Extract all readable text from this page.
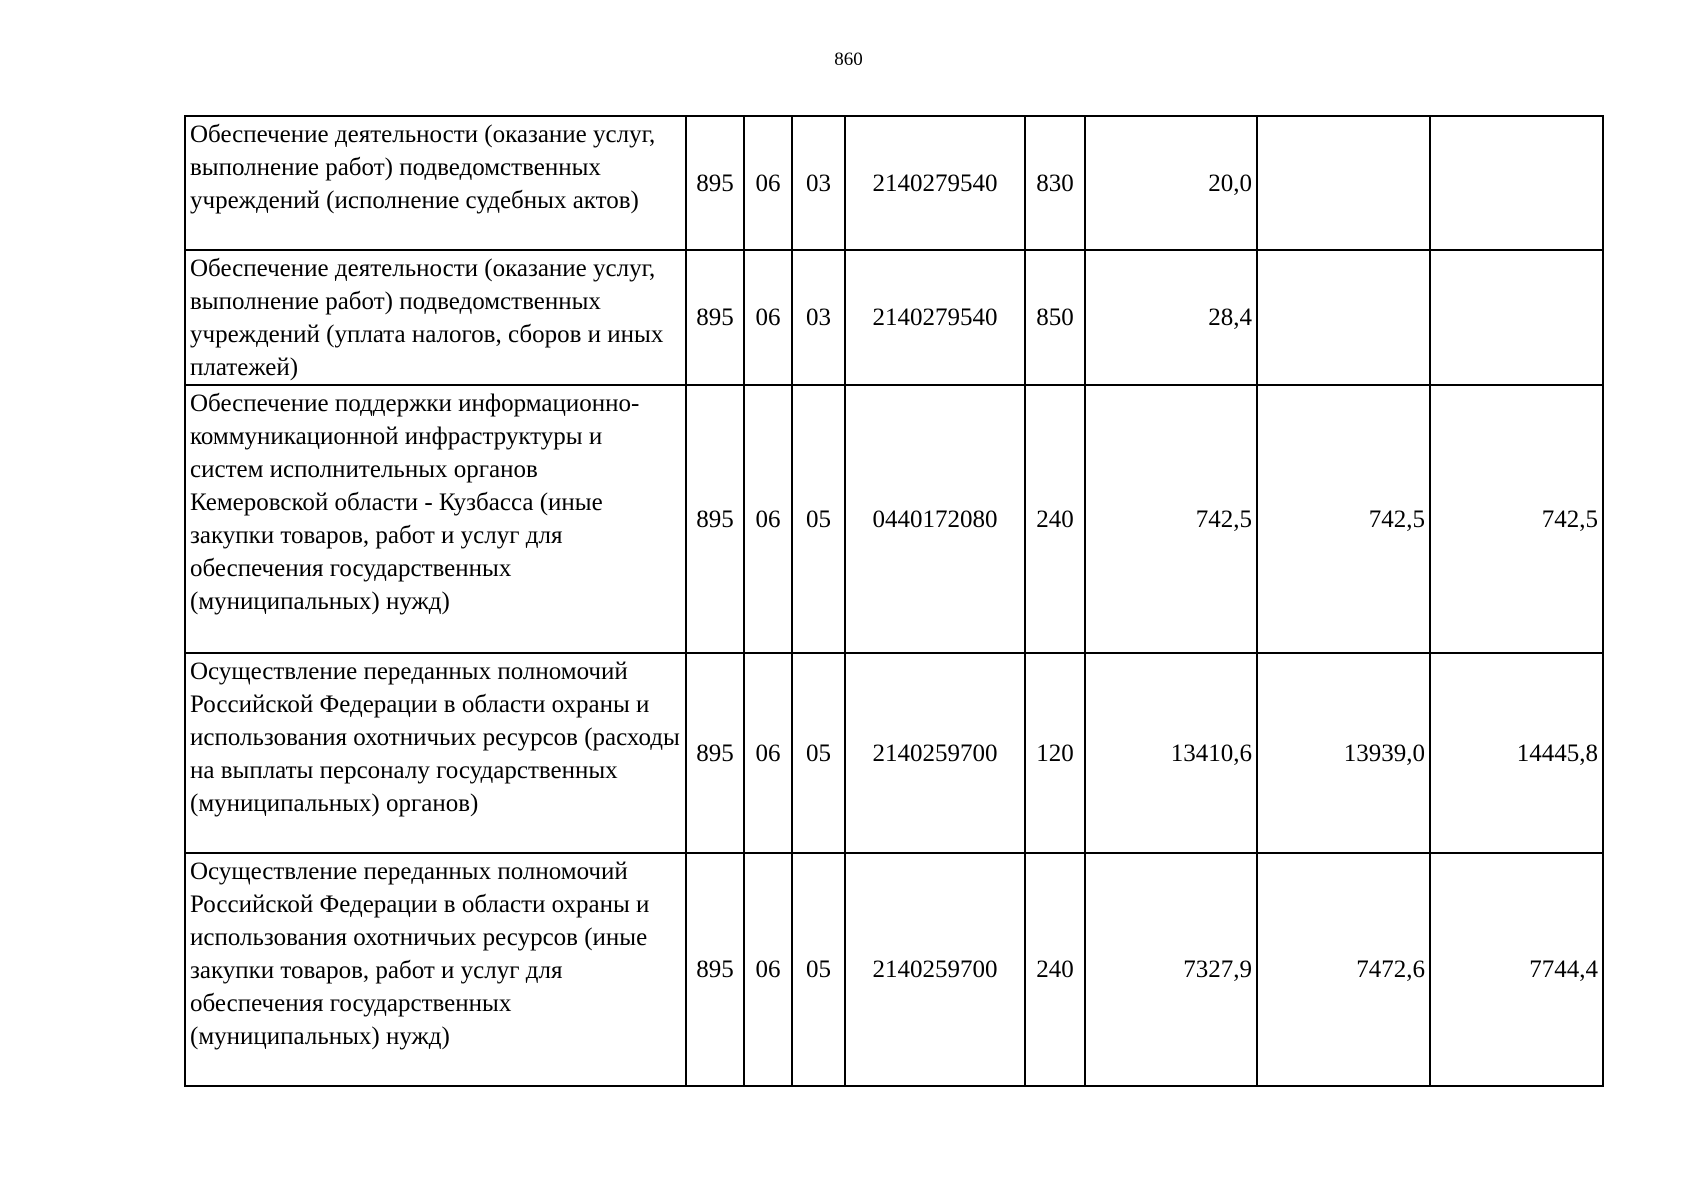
860
Обеспечение деятельности (оказание услуг, выполнение работ) подведомственных учреждений (исполнение судебных актов)	895	06	03	2140279540	830	20,0		
Обеспечение деятельности (оказание услуг, выполнение работ) подведомственных учреждений (уплата налогов, сборов и иных платежей)	895	06	03	2140279540	850	28,4		
Обеспечение поддержки информационно-коммуникационной инфраструктуры и систем исполнительных органов Кемеровской области - Кузбасса (иные закупки товаров, работ и услуг для обеспечения государственных (муниципальных) нужд)	895	06	05	0440172080	240	742,5	742,5	742,5
Осуществление переданных полномочий Российской Федерации в области охраны и использования охотничьих ресурсов (расходы на выплаты персоналу государственных (муниципальных) органов)	895	06	05	2140259700	120	13410,6	13939,0	14445,8
Осуществление переданных полномочий Российской Федерации в области охраны и использования охотничьих ресурсов (иные закупки товаров, работ и услуг для обеспечения государственных (муниципальных) нужд)	895	06	05	2140259700	240	7327,9	7472,6	7744,4
